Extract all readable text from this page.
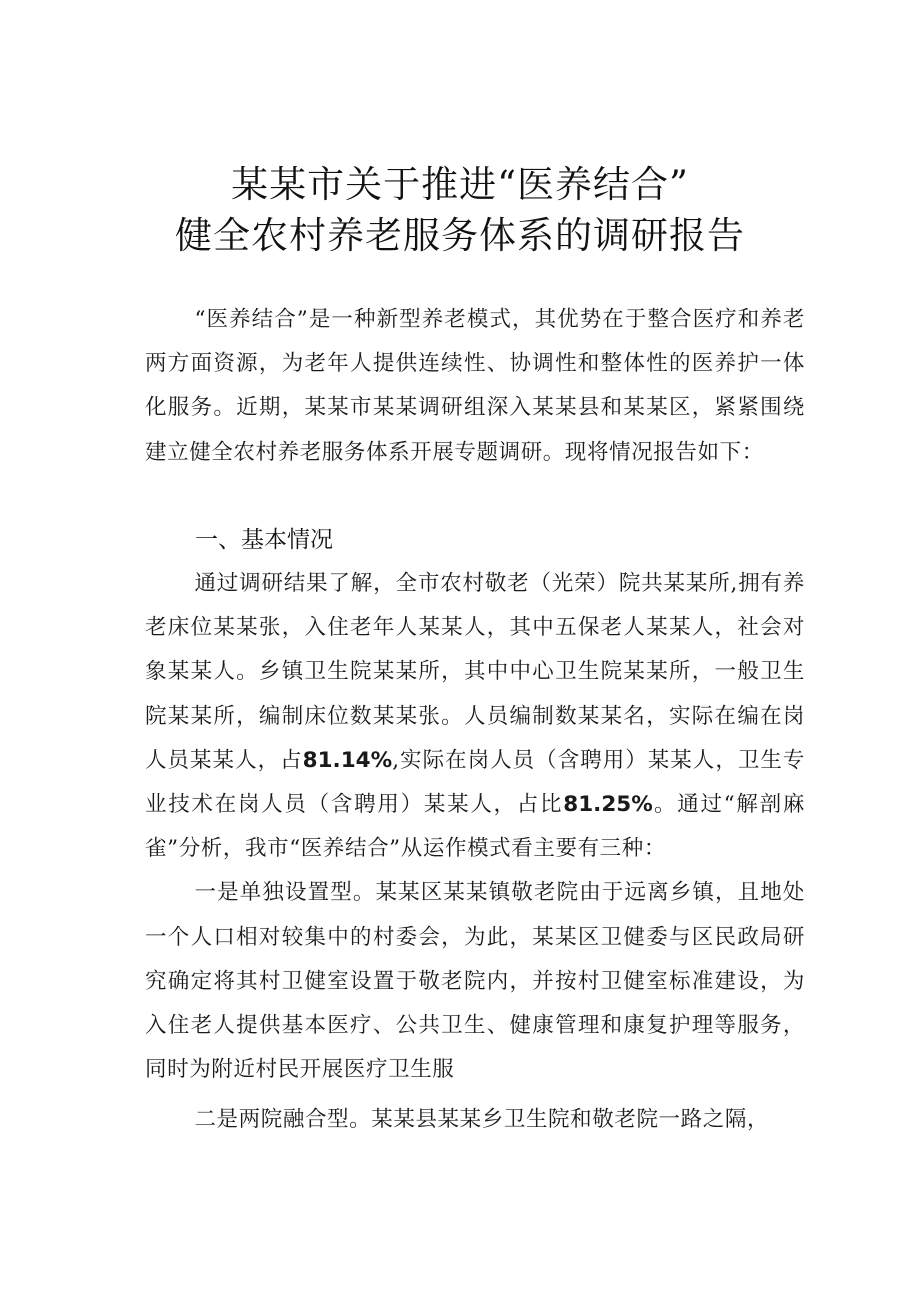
某某市关于推进“医养结合”
健全农村养老服务体系的调研报告

“医养结合”是一种新型养老模式，其优势在于整合医疗和养老两方面资源，为老年人提供连续性、协调性和整体性的医养护一体化服务。近期，某某市某某调研组深入某某县和某某区，紧紧围绕建立健全农村养老服务体系开展专题调研。现将情况报告如下：

一、基本情况

通过调研结果了解，全市农村敬老（光荣）院共某某所,拥有养老床位某某张，入住老年人某某人，其中五保老人某某人，社会对象某某人。乡镇卫生院某某所，其中中心卫生院某某所，一般卫生院某某所，编制床位数某某张。人员编制数某某名，实际在编在岗人员某某人，占81.14%,实际在岗人员（含聘用）某某人，卫生专业技术在岗人员（含聘用）某某人，占比81.25%。通过“解剖麻雀”分析，我市“医养结合”从运作模式看主要有三种：

一是单独设置型。某某区某某镇敬老院由于远离乡镇，且地处一个人口相对较集中的村委会，为此，某某区卫健委与区民政局研究确定将其村卫健室设置于敬老院内，并按村卫健室标准建设，为入住老人提供基本医疗、公共卫生、健康管理和康复护理等服务，同时为附近村民开展医疗卫生服

二是两院融合型。某某县某某乡卫生院和敬老院一路之隔，
